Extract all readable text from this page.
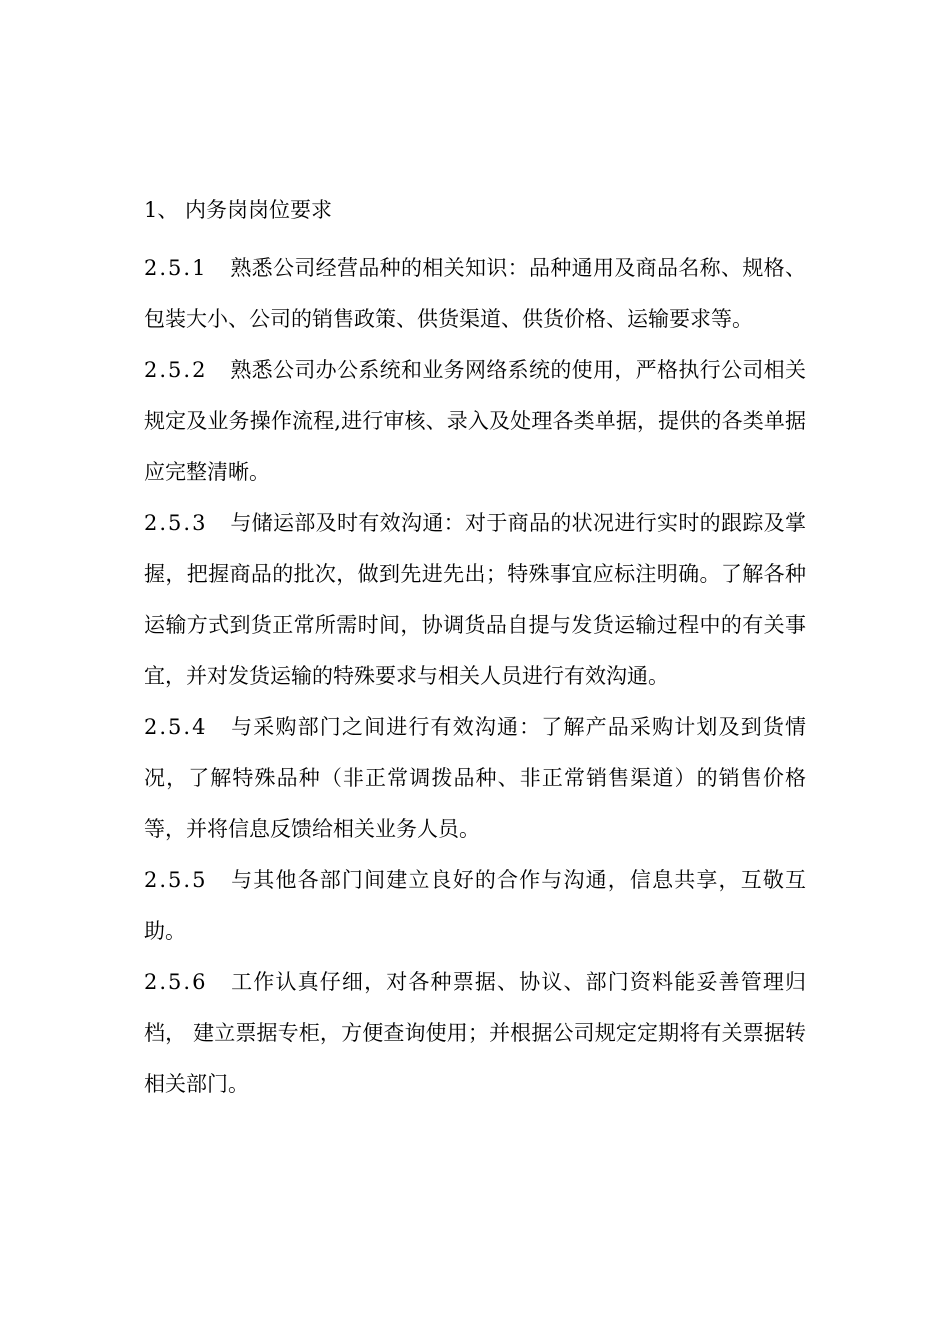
1、 内务岗岗位要求

2.5.1 熟悉公司经营品种的相关知识：品种通用及商品名称、规格、包装大小、公司的销售政策、供货渠道、供货价格、运输要求等。

2.5.2 熟悉公司办公系统和业务网络系统的使用，严格执行公司相关规定及业务操作流程,进行审核、录入及处理各类单据，提供的各类单据应完整清晰。

2.5.3 与储运部及时有效沟通：对于商品的状况进行实时的跟踪及掌握，把握商品的批次，做到先进先出；特殊事宜应标注明确。了解各种运输方式到货正常所需时间，协调货品自提与发货运输过程中的有关事宜，并对发货运输的特殊要求与相关人员进行有效沟通。

2.5.4 与采购部门之间进行有效沟通：了解产品采购计划及到货情况，了解特殊品种（非正常调拨品种、非正常销售渠道）的销售价格等，并将信息反馈给相关业务人员。

2.5.5 与其他各部门间建立良好的合作与沟通，信息共享，互敬互助。

2.5.6 工作认真仔细，对各种票据、协议、部门资料能妥善管理归档， 建立票据专柜，方便查询使用；并根据公司规定定期将有关票据转相关部门。
